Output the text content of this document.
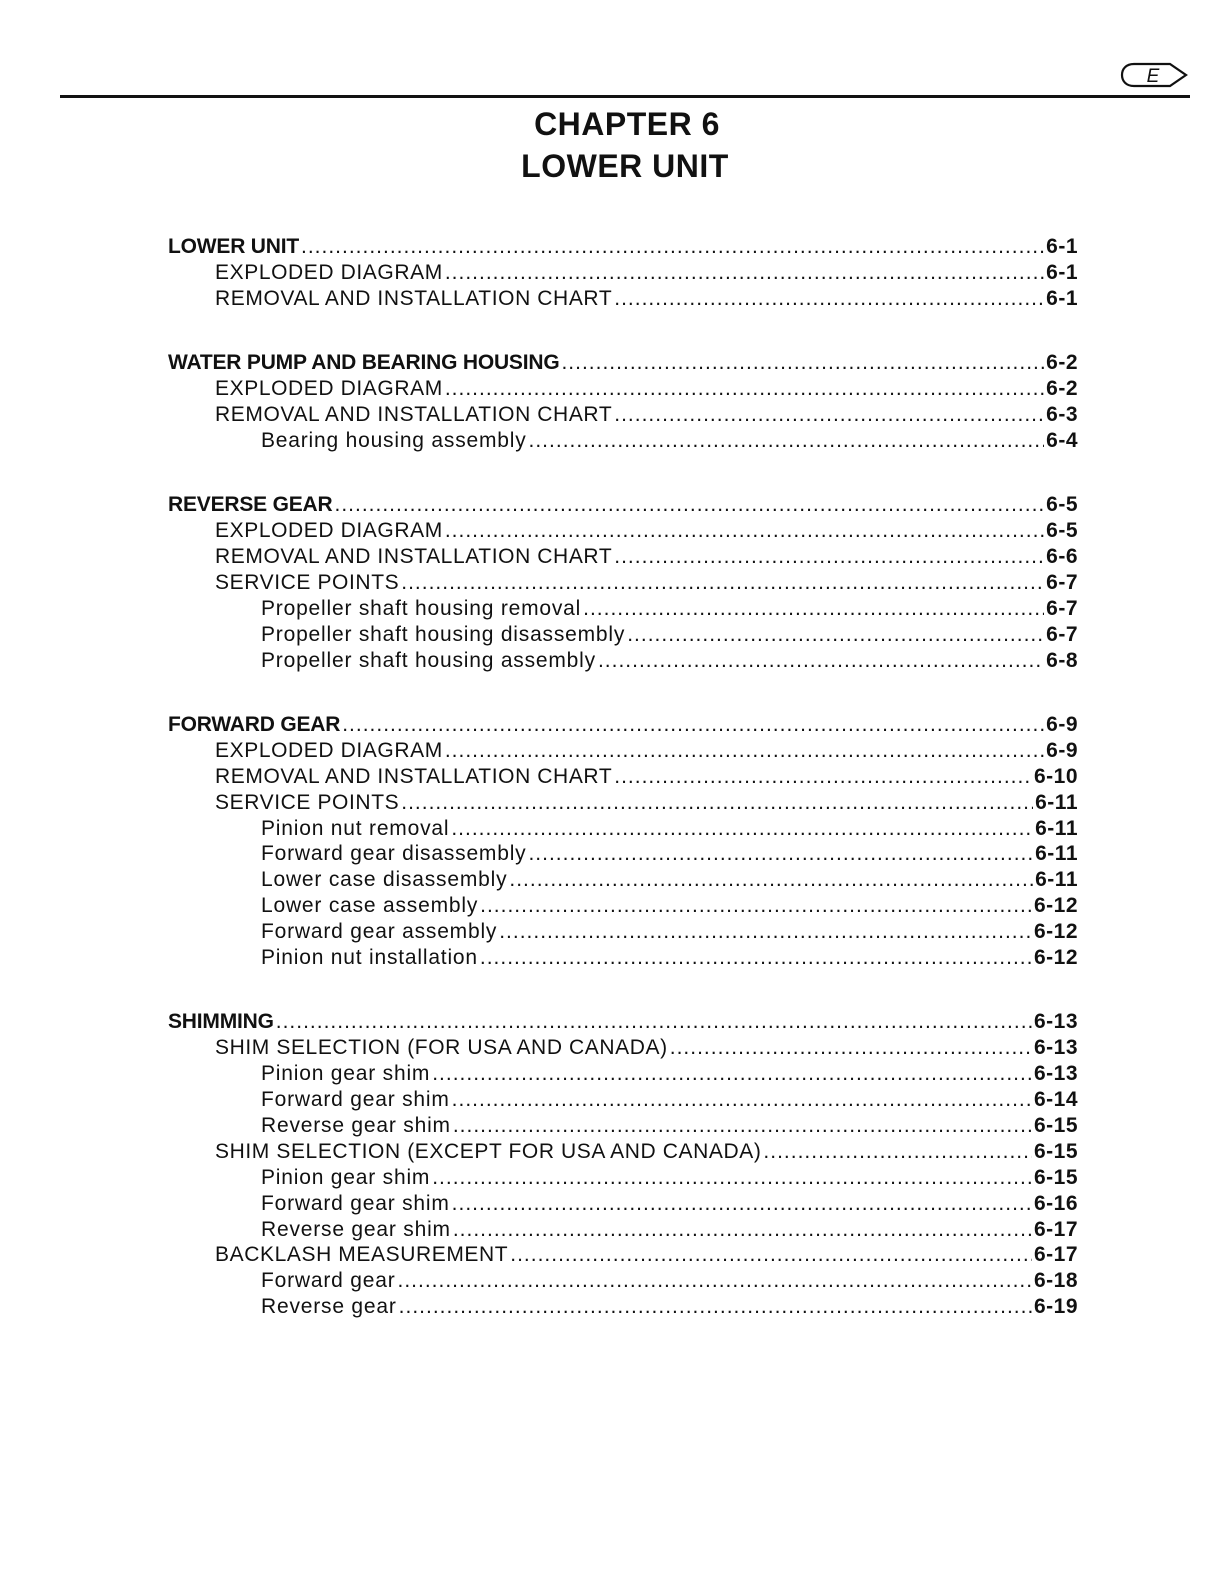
E
CHAPTER 6
LOWER UNIT
LOWER UNIT .....	6-1
EXPLODED DIAGRAM .....	6-1
REMOVAL AND INSTALLATION CHART .....	6-1
WATER PUMP AND BEARING HOUSING .....	6-2
EXPLODED DIAGRAM .....	6-2
REMOVAL AND INSTALLATION CHART .....	6-3
Bearing housing assembly .....	6-4
REVERSE GEAR .....	6-5
EXPLODED DIAGRAM .....	6-5
REMOVAL AND INSTALLATION CHART .....	6-6
SERVICE POINTS .....	6-7
Propeller shaft housing removal .....	6-7
Propeller shaft housing disassembly .....	6-7
Propeller shaft housing assembly .....	6-8
FORWARD GEAR .....	6-9
EXPLODED DIAGRAM .....	6-9
REMOVAL AND INSTALLATION CHART .....	6-10
SERVICE POINTS .....	6-11
Pinion nut removal .....	6-11
Forward gear disassembly .....	6-11
Lower case disassembly .....	6-11
Lower case assembly .....	6-12
Forward gear assembly .....	6-12
Pinion nut installation .....	6-12
SHIMMING .....	6-13
SHIM SELECTION (FOR USA AND CANADA) .....	6-13
Pinion gear shim .....	6-13
Forward gear shim .....	6-14
Reverse gear shim .....	6-15
SHIM SELECTION (EXCEPT FOR USA AND CANADA) .....	6-15
Pinion gear shim .....	6-15
Forward gear shim .....	6-16
Reverse gear shim .....	6-17
BACKLASH MEASUREMENT .....	6-17
Forward gear .....	6-18
Reverse gear .....	6-19
